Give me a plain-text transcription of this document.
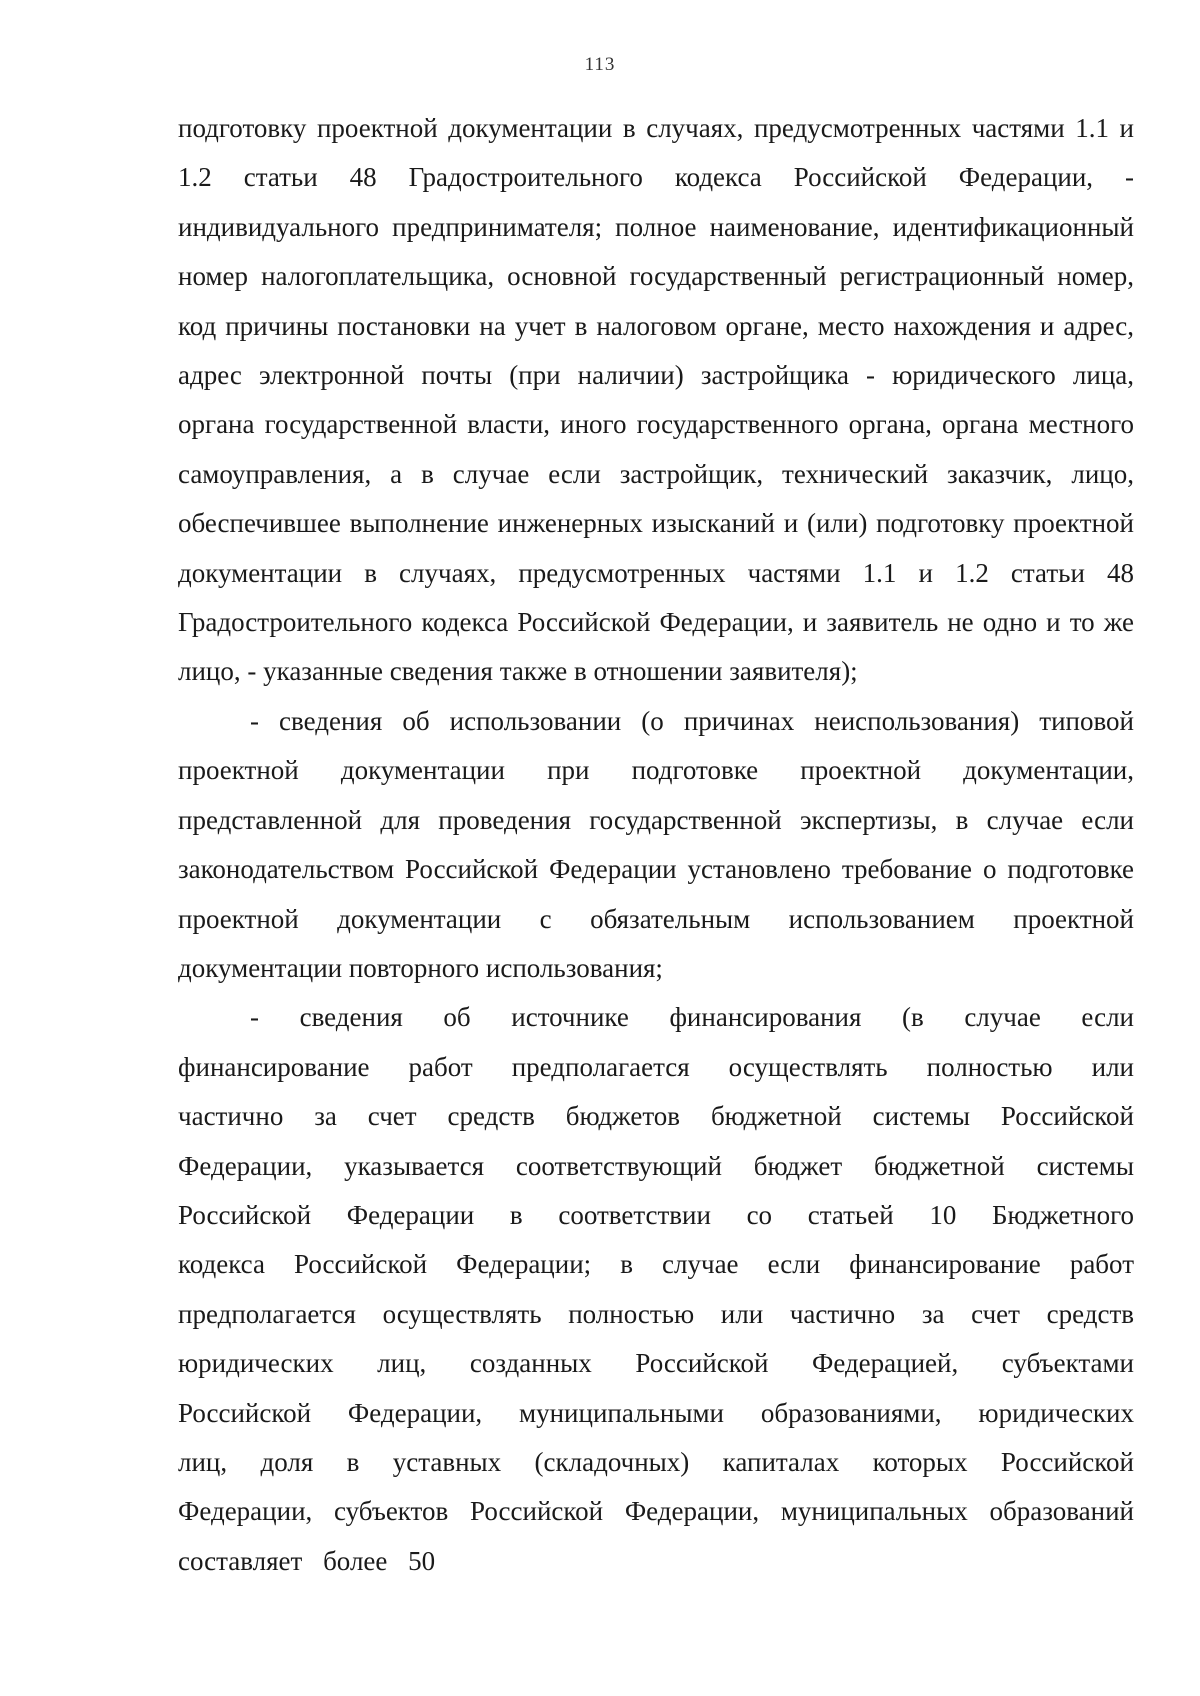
113

подготовку проектной документации в случаях, предусмотренных частями 1.1 и 1.2 статьи 48 Градостроительного кодекса Российской Федерации, - индивидуального предпринимателя; полное наименование, идентификационный номер налогоплательщика, основной государственный регистрационный номер, код причины постановки на учет в налоговом органе, место нахождения и адрес, адрес электронной почты (при наличии) застройщика - юридического лица, органа государственной власти, иного государственного органа, органа местного самоуправления, а в случае если застройщик, технический заказчик, лицо, обеспечившее выполнение инженерных изысканий и (или) подготовку проектной документации в случаях, предусмотренных частями 1.1 и 1.2 статьи 48 Градостроительного кодекса Российской Федерации, и заявитель не одно и то же лицо, - указанные сведения также в отношении заявителя);

- сведения об использовании (о причинах неиспользования) типовой проектной документации при подготовке проектной документации, представленной для проведения государственной экспертизы, в случае если законодательством Российской Федерации установлено требование о подготовке проектной документации с обязательным использованием проектной документации повторного использования;

- сведения об источнике финансирования (в случае если финансирование работ предполагается осуществлять полностью или частично за счет средств бюджетов бюджетной системы Российской Федерации, указывается соответствующий бюджет бюджетной системы Российской Федерации в соответствии со статьей 10 Бюджетного кодекса Российской Федерации; в случае если финансирование работ предполагается осуществлять полностью или частично за счет средств юридических лиц, созданных Российской Федерацией, субъектами Российской Федерации, муниципальными образованиями, юридических лиц, доля в уставных (складочных) капиталах которых Российской Федерации, субъектов Российской Федерации, муниципальных образований составляет более 50
